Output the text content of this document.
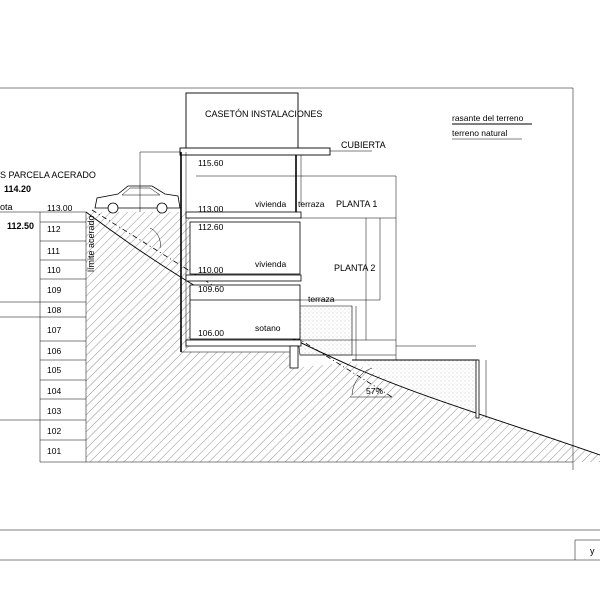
113.00
112
111
110
109
108
107
106
105
104
103
102
101
S PARCELA ACERADO
114.20
ota
112.50	límite acerado
CASETÓN INSTALACIONES
CUBIERTA
115.60
113.00
112.60
110.00
109.60
106.00
vivienda terraza PLANTA 1
vivienda	PLANTA 2
terraza
sotano
57%
rasante del terreno
terreno natural
y
